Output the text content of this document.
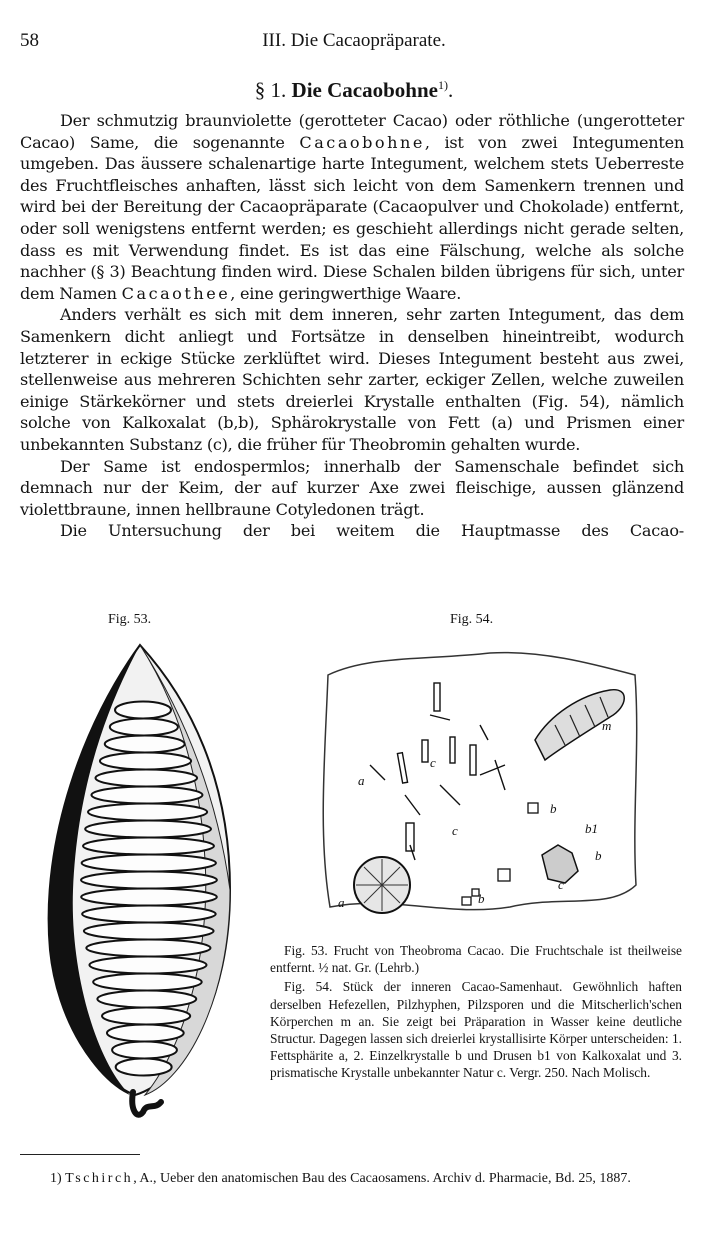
58	III. Die Cacaopräparate.
§ 1. Die Cacaobohne$^{1)}$.

Der schmutzig braunviolette (gerotteter Cacao) oder röthliche (ungerotteter Cacao) Same, die sogenannte Cacaobohne, ist von zwei Integumenten umgeben. Das äussere schalenartige harte Integument, welchem stets Ueberreste des Fruchtfleisches anhaften, lässt sich leicht von dem Samenkern trennen und wird bei der Bereitung der Cacaopräparate (Cacaopulver und Chokolade) entfernt, oder soll wenigstens entfernt werden; es geschieht allerdings nicht gerade selten, dass es mit Verwendung findet. Es ist das eine Fälschung, welche als solche nachher (§ 3) Beachtung finden wird. Diese Schalen bilden übrigens für sich, unter dem Namen Cacaothee, eine geringwerthige Waare.

Anders verhält es sich mit dem inneren, sehr zarten Integument, das dem Samenkern dicht anliegt und Fortsätze in denselben hineintreibt, wodurch letzterer in eckige Stücke zerklüftet wird. Dieses Integument besteht aus zwei, stellenweise aus mehreren Schichten sehr zarter, eckiger Zellen, welche zuweilen einige Stärkekörner und stets dreierlei Krystalle enthalten (Fig. 54), nämlich solche von Kalkoxalat (b,b), Sphärokrystalle von Fett (a) und Prismen einer unbekannten Substanz (c), die früher für Theobromin gehalten wurde.

Der Same ist endospermlos; innerhalb der Samenschale befindet sich demnach nur der Keim, der auf kurzer Axe zwei fleischige, aussen glänzend violettbraune, innen hellbraune Cotyledonen trägt.

Die Untersuchung der bei weitem die Hauptmasse des Cacao-

Fig. 53.	Fig. 54.
m
a
c
b
c
b
a	b
c
b1

Fig. 53. Frucht von Theobroma Cacao. Die Fruchtschale ist theilweise entfernt. ½ nat. Gr. (Lehrb.)

Fig. 54. Stück der inneren Cacao-Samenhaut. Gewöhnlich haften derselben Hefezellen, Pilzhyphen, Pilzsporen und die Mitscherlich'schen Körperchen m an. Sie zeigt bei Präparation in Wasser keine deutliche Structur. Dagegen lassen sich dreierlei krystallisirte Körper unterscheiden: 1. Fettsphärite a, 2. Einzelkrystalle b und Drusen b1 von Kalkoxalat und 3. prismatische Krystalle unbekannter Natur c. Vergr. 250. Nach Molisch.

1) Tschirch, A., Ueber den anatomischen Bau des Cacaosamens. Archiv d. Pharmacie, Bd. 25, 1887.
